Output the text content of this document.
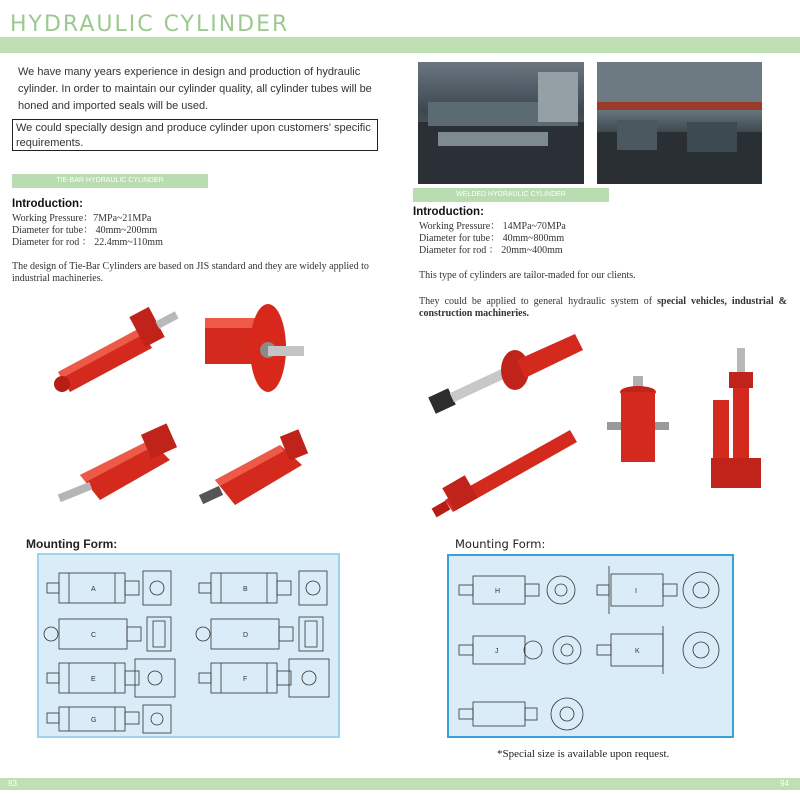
HYDRAULIC CYLINDER
We have many years experience in design and production of hydraulic cylinder. In order to maintain our cylinder quality, all cylinder tubes will be honed and imported seals will be used.
We could specially design and produce cylinder upon customers' specific requirements.
TIE-BAR HYDRAULIC CYLINDER
Introduction:
Working Pressure：7MPa~21MPa
Diameter for tube： 40mm~200mm
Diameter for rod ： 22.4mm~110mm
The design of Tie-Bar Cylinders are based on JIS standard and they are widely applied to industrial machineries.
Mounting Form:
A	B
C	D
E	F
G
WELDED HYDRAULIC CYLINDER
Introduction:
Working Pressure： 14MPa~70MPa
Diameter for tube： 40mm~800mm
Diameter for rod ： 20mm~400mm
This type of cylinders are tailor-maded for our clients.
They could be applied to general hydraulic system of special vehicles, industrial & construction machineries.
Mounting Form:
H	I
J	K
*Special size is available upon request.
93	94
